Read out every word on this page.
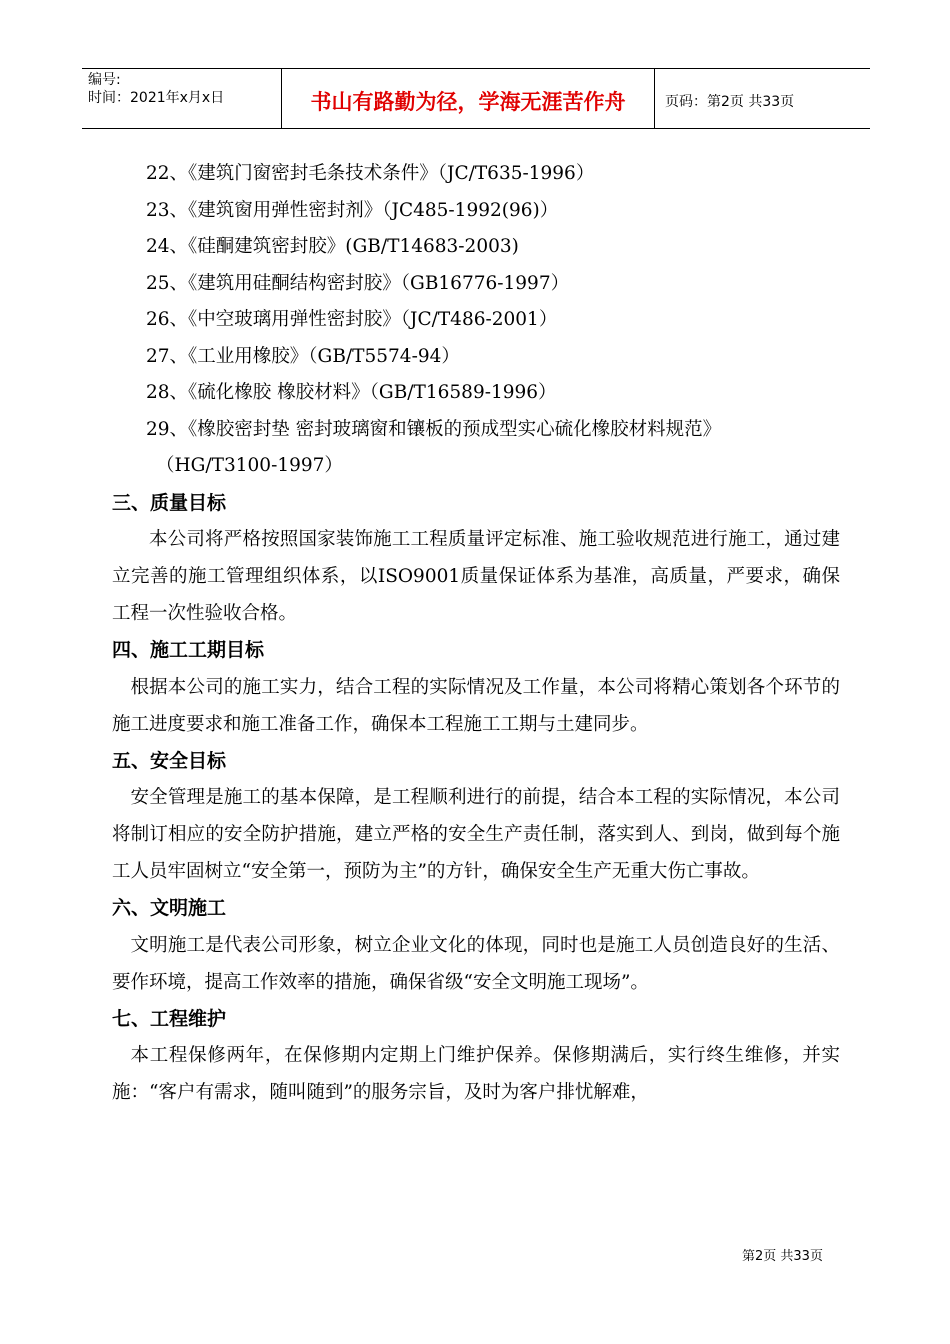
编号:
时间：2021年x月x日	书山有路勤为径，学海无涯苦作舟	页码：第2页 共33页
22、《建筑门窗密封毛条技术条件》（JC/T635-1996）
23、《建筑窗用弹性密封剂》（JC485-1992(96)）
24、《硅酮建筑密封胶》(GB/T14683-2003)
25、《建筑用硅酮结构密封胶》（GB16776-1997）
26、《中空玻璃用弹性密封胶》（JC/T486-2001）
27、《工业用橡胶》（GB/T5574-94）
28、《硫化橡胶 橡胶材料》（GB/T16589-1996）
29、《橡胶密封垫 密封玻璃窗和镶板的预成型实心硫化橡胶材料规范》
（HG/T3100-1997）
三、质量目标
本公司将严格按照国家装饰施工工程质量评定标准、施工验收规范进行施工，通过建立完善的施工管理组织体系，以ISO9001质量保证体系为基准，高质量，严要求，确保工程一次性验收合格。
四、施工工期目标
根据本公司的施工实力，结合工程的实际情况及工作量，本公司将精心策划各个环节的施工进度要求和施工准备工作，确保本工程施工工期与土建同步。
五、安全目标
安全管理是施工的基本保障，是工程顺利进行的前提，结合本工程的实际情况，本公司将制订相应的安全防护措施，建立严格的安全生产责任制，落实到人、到岗，做到每个施工人员牢固树立“安全第一，预防为主”的方针，确保安全生产无重大伤亡事故。
六、文明施工
文明施工是代表公司形象，树立企业文化的体现，同时也是施工人员创造良好的生活、要作环境，提高工作效率的措施，确保省级“安全文明施工现场”。
七、工程维护
本工程保修两年，在保修期内定期上门维护保养。保修期满后，实行终生维修，并实施：“客户有需求，随叫随到”的服务宗旨，及时为客户排忧解难，
第2页 共33页
